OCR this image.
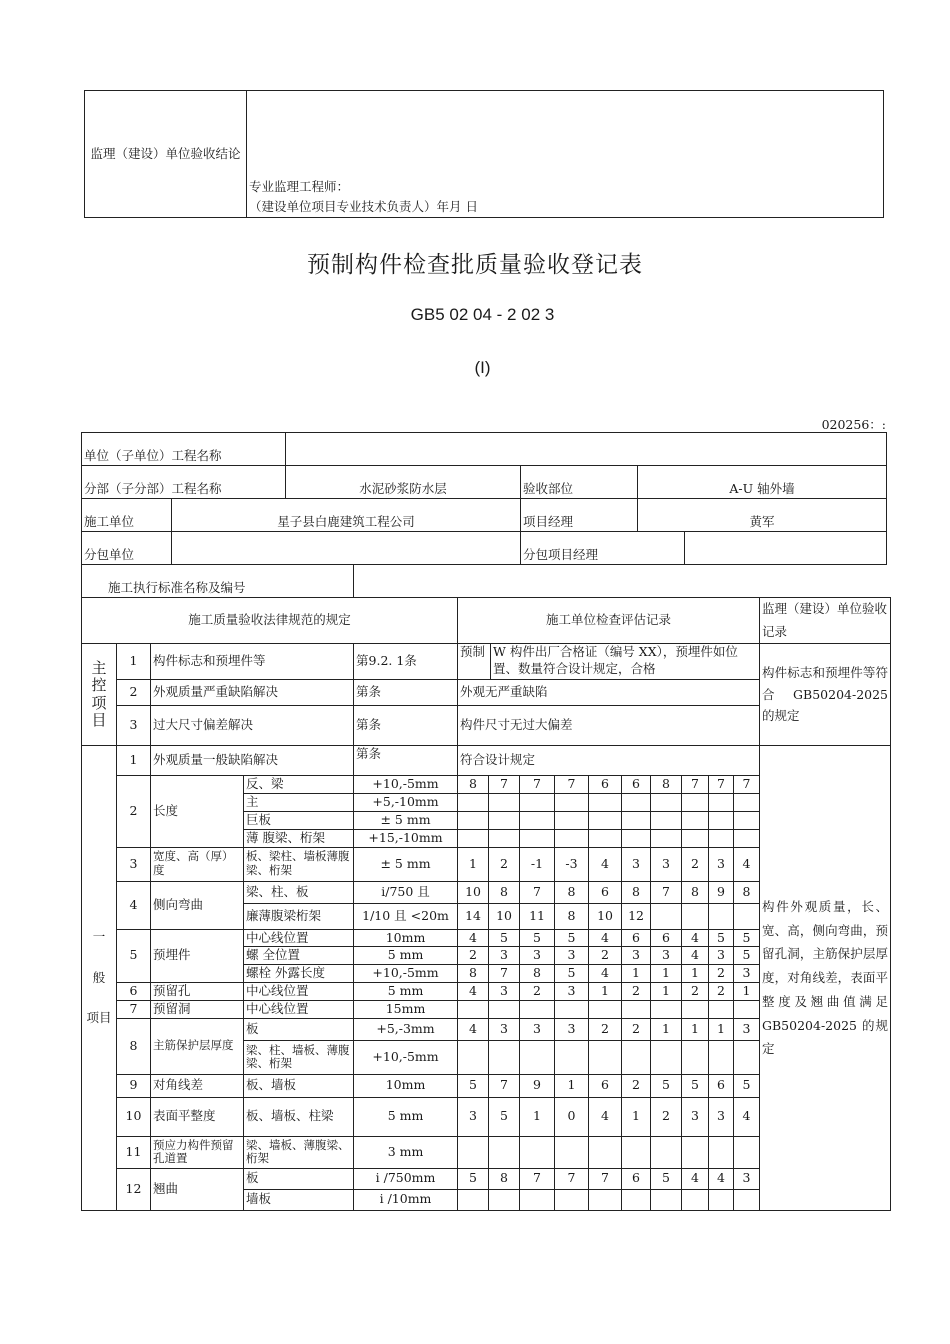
监理（建设）单位验收结论	
专业监理工程师：
（建设单位项目专业技术负责人）年月 日
预制构件检查批质量验收登记表
GB5 02 04 - 2 02 3
(I)
020256：:
单位（子单位）工程名称					
分部（子分部）工程名称		水泥砂浆防水层	验收部位	A-U 轴外墙	
施工单位	星子县白鹿建筑工程公司		项目经理	黄军	
分包单位			分包项目经理		
施工执行标准名称及编号															
施工质量验收法律规范的规定					施工单位检查评估记录										监理（建设）单位验收记录
主控项目	1	构件标志和预埋件等		第9.2. 1条	预制 W 构件出厂合格证（编号 XX），预埋件如位置、数量符合设计规定，合格										构件标志和预埋件等符合 GB50204-2025 的规定
	2	外观质量严重缺陷解决		第条	外观无严重缺陷										
	3	过大尺寸偏差解决		第条	构件尺寸无过大偏差										

一
般
项目	1	外观质量一般缺陷解决		第条	符合设计规定										构件外观质量，长、宽、高，侧向弯曲，预留孔洞，主筋保护层厚度，对角线差，表面平整度及翘曲值满足 GB50204-2025 的规定
	2	长度	反、梁	+10,-5mm	8	7	7	7	6	6	8	7	7	7	
			主	+5,-10mm											
			巨板	± 5 mm											
			薄 腹梁、桁架	+15,-10mm											
	3	宽度、高（厚）度	板、梁柱、墙板薄腹梁、桁架	± 5 mm	1	2	-1	-3	4	3	3	2	3	4	
	4	侧向弯曲	梁、柱、板	i/750 且	10	8	7	8	6	8	7	8	9	8	
			廉薄腹梁桁架	1/10 且 <20m	14	10	11	8	10	12					
	5	预埋件	中心线位置	10mm	4	5	5	5	4	6	6	4	5	5	
			螺 全位置	5 mm	2	3	3	3	2	3	3	4	3	5	
			螺栓 外露长度	+10,-5mm	8	7	8	5	4	1	1	1	2	3	
	6	预留孔	中心线位置	5 mm	4	3	2	3	1	2	1	2	2	1	
	7	预留洞	中心线位置	15mm											
	8	主筋保护层厚度	板	+5,-3mm	4	3	3	3	2	2	1	1	1	3	
			梁、柱、墙板、薄腹梁、桁架	+10,-5mm											
	9	对角线差	板、墙板	10mm	5	7	9	1	6	2	5	5	6	5	
	10	表面平整度	板、墙板、柱梁	5 mm	3	5	1	0	4	1	2	3	3	4	
	11	预应力构件预留孔道置	梁、墙板、薄腹梁、桁架	3 mm											
	12	翘曲	板	i /750mm	5	8	7	7	7	6	5	4	4	3	
			墙板	i /10mm											
